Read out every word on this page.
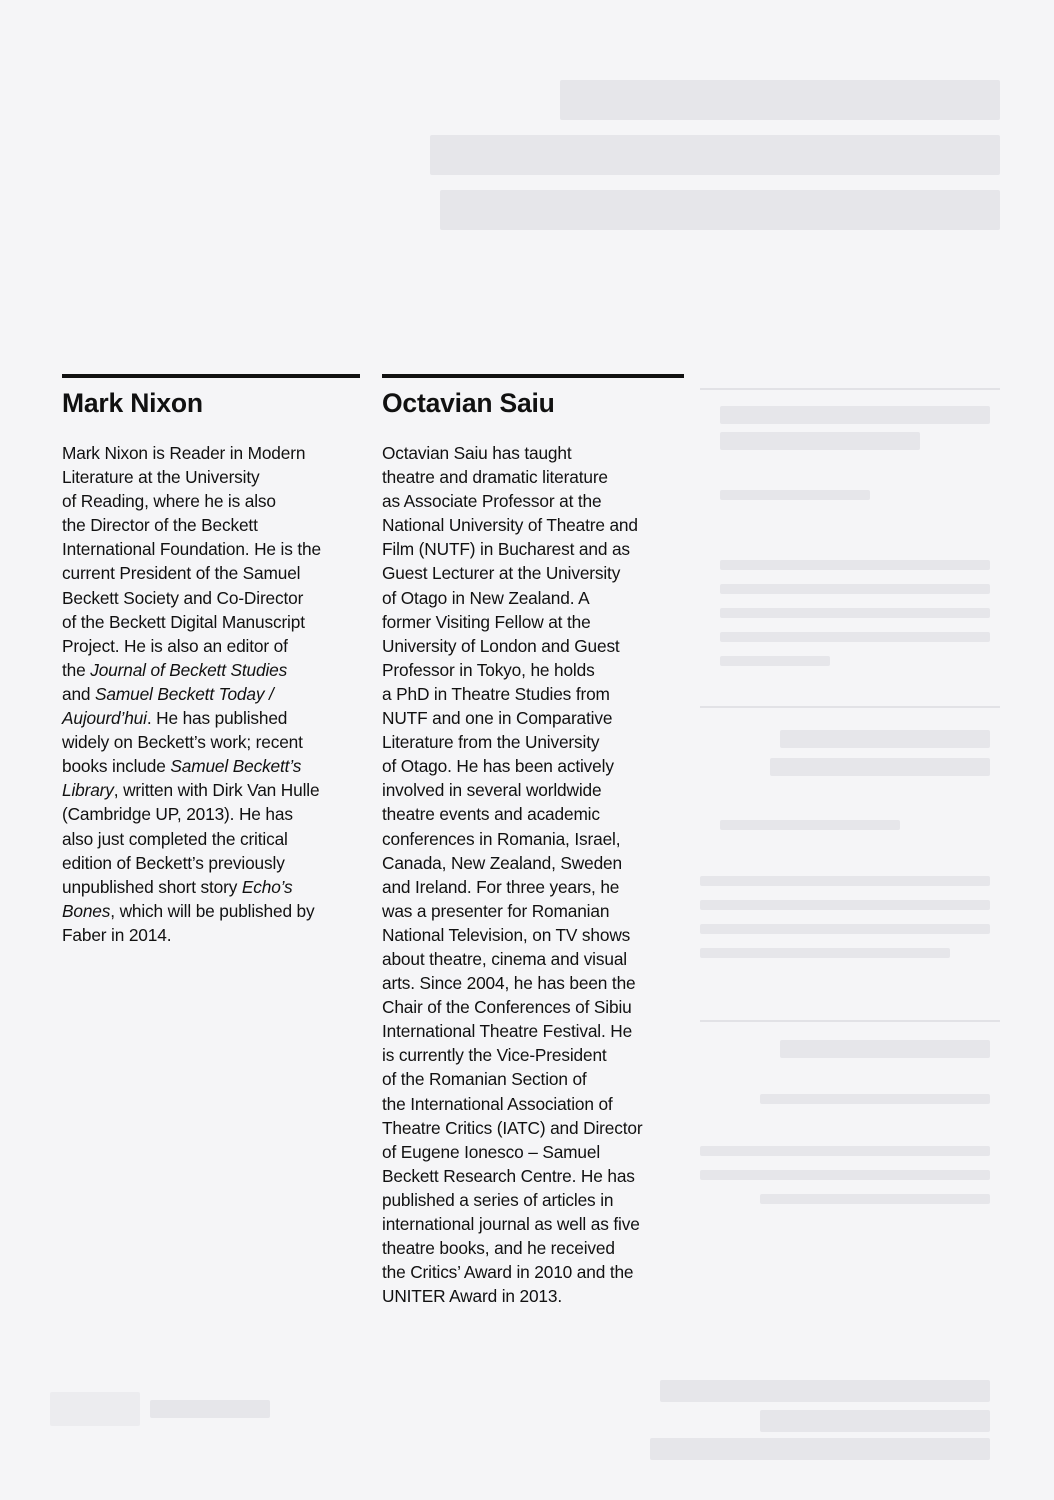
Mark Nixon
Mark Nixon is Reader in Modern
Literature at the University
of Reading, where he is also
the Director of the Beckett
International Foundation. He is the
current President of the Samuel
Beckett Society and Co-Director
of the Beckett Digital Manuscript
Project. He is also an editor of
the Journal of Beckett Studies
and Samuel Beckett Today /
Aujourd’hui. He has published
widely on Beckett’s work; recent
books include Samuel Beckett’s
Library, written with Dirk Van Hulle
(Cambridge UP, 2013). He has
also just completed the critical
edition of Beckett’s previously
unpublished short story Echo’s
Bones, which will be published by
Faber in 2014.
Octavian Saiu
Octavian Saiu has taught
theatre and dramatic literature
as Associate Professor at the
National University of Theatre and
Film (NUTF) in Bucharest and as
Guest Lecturer at the University
of Otago in New Zealand. A
former Visiting Fellow at the
University of London and Guest
Professor in Tokyo, he holds
a PhD in Theatre Studies from
NUTF and one in Comparative
Literature from the University
of Otago. He has been actively
involved in several worldwide
theatre events and academic
conferences in Romania, Israel,
Canada, New Zealand, Sweden
and Ireland. For three years, he
was a presenter for Romanian
National Television, on TV shows
about theatre, cinema and visual
arts. Since 2004, he has been the
Chair of the Conferences of Sibiu
International Theatre Festival. He
is currently the Vice-President
of the Romanian Section of
the International Association of
Theatre Critics (IATC) and Director
of Eugene Ionesco – Samuel
Beckett Research Centre. He has
published a series of articles in
international journal as well as five
theatre books, and he received
the Critics’ Award in 2010 and the
UNITER Award in 2013.
